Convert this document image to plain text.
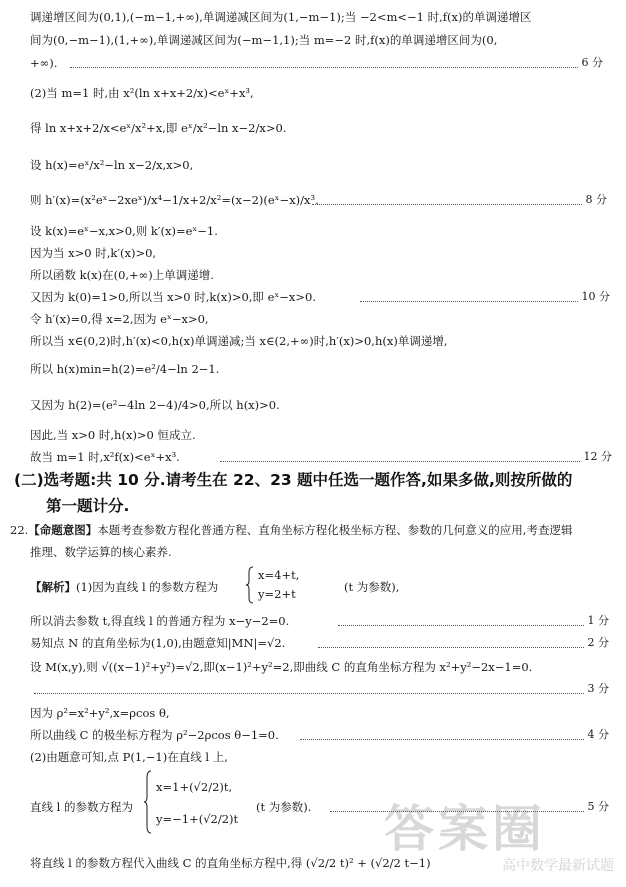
调递增区间为(0,1),(−m−1,+∞),单调递减区间为(1,−m−1);当 −2<m<−1 时,f(x)的单调递增区
间为(0,−m−1),(1,+∞),单调递减区间为(−m−1,1);当 m=−2 时,f(x)的单调递增区间为(0,
+∞).	6 分
(2)当 m=1 时,由 x²(ln x+x+2/x)<eˣ+x³,
得 ln x+x+2/x<eˣ/x²+x,即 eˣ/x²−ln x−2/x>0.
设 h(x)=eˣ/x²−ln x−2/x,x>0,
则 h′(x)=(x²eˣ−2xeˣ)/x⁴−1/x+2/x²=(x−2)(eˣ−x)/x³.	8 分
设 k(x)=eˣ−x,x>0,则 k′(x)=eˣ−1.
因为当 x>0 时,k′(x)>0,
所以函数 k(x)在(0,+∞)上单调递增.
又因为 k(0)=1>0,所以当 x>0 时,k(x)>0,即 eˣ−x>0.	10 分
令 h′(x)=0,得 x=2,因为 eˣ−x>0,
所以当 x∈(0,2)时,h′(x)<0,h(x)单调递减;当 x∈(2,+∞)时,h′(x)>0,h(x)单调递增,
所以 h(x)min=h(2)=e²/4−ln 2−1.
又因为 h(2)=(e²−4ln 2−4)/4>0,所以 h(x)>0.
因此,当 x>0 时,h(x)>0 恒成立.
故当 m=1 时,x²f(x)<eˣ+x³.	12 分
(二)选考题:共 10 分.请考生在 22、23 题中任选一题作答,如果多做,则按所做的
第一题计分.
22.【命题意图】本题考查参数方程化普通方程、直角坐标方程化极坐标方程、参数的几何意义的应用,考查逻辑
推理、数学运算的核心素养.
【解析】(1)因为直线 l 的参数方程为
x=4+t,
y=2+t	(t 为参数),
所以消去参数 t,得直线 l 的普通方程为 x−y−2=0.	1 分
易知点 N 的直角坐标为(1,0),由题意知|MN|=√2.	2 分
设 M(x,y),则 √((x−1)²+y²)=√2,即(x−1)²+y²=2,即曲线 C 的直角坐标方程为 x²+y²−2x−1=0.
3 分
因为 ρ²=x²+y²,x=ρcos θ,
所以曲线 C 的极坐标方程为 ρ²−2ρcos θ−1=0.	4 分
(2)由题意可知,点 P(1,−1)在直线 l 上,
直线 l 的参数方程为
x=1+(√2/2)t,
y=−1+(√2/2)t
(t 为参数).	5 分
将直线 l 的参数方程代入曲线 C 的直角坐标方程中,得 (√2/2 t)² + (√2/2 t−1)
答案圈
高中数学最新试题
